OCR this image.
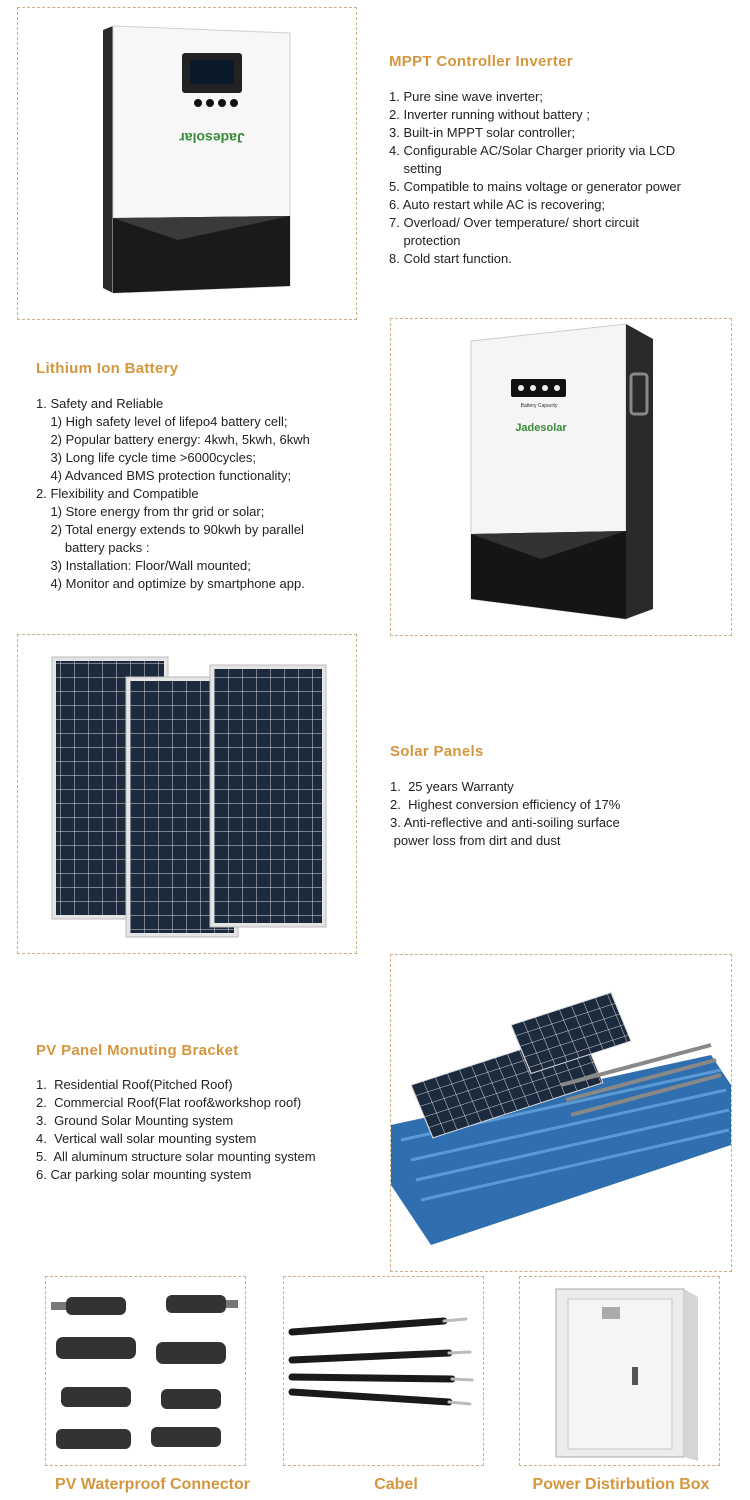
Jadesolar
MPPT Controller Inverter
1. Pure sine wave inverter;
2. Inverter running without battery ;
3. Built-in MPPT solar controller;
4. Configurable AC/Solar Charger priority via LCD
setting
5. Compatible to mains voltage or generator power
6. Auto restart while AC is recovering;
7. Overload/ Over temperature/ short circuit
protection
8. Cold start function.
Lithium Ion Battery
1. Safety and Reliable
1) High safety level of lifepo4 battery cell;
2) Popular battery energy: 4kwh, 5kwh, 6kwh
3) Long life cycle time >6000cycles;
4) Advanced BMS protection functionality;
2. Flexibility and Compatible
1) Store energy from thr grid or solar;
2) Total energy extends to 90kwh by parallel
battery packs :
3) Installation: Floor/Wall mounted;
4) Monitor and optimize by smartphone app.
Battery Capacity
Jadesolar
Solar Panels
1.  25 years Warranty
2.  Highest conversion efficiency of 17%
3. Anti-reflective and anti-soiling surface
power loss from dirt and dust
PV Panel Monuting Bracket
1.  Residential Roof(Pitched Roof)
2.  Commercial Roof(Flat roof&workshop roof)
3.  Ground Solar Mounting system
4.  Vertical wall solar mounting system
5.  All aluminum structure solar mounting system
6. Car parking solar mounting system
PV Waterproof Connector	Cabel	Power Distirbution Box
